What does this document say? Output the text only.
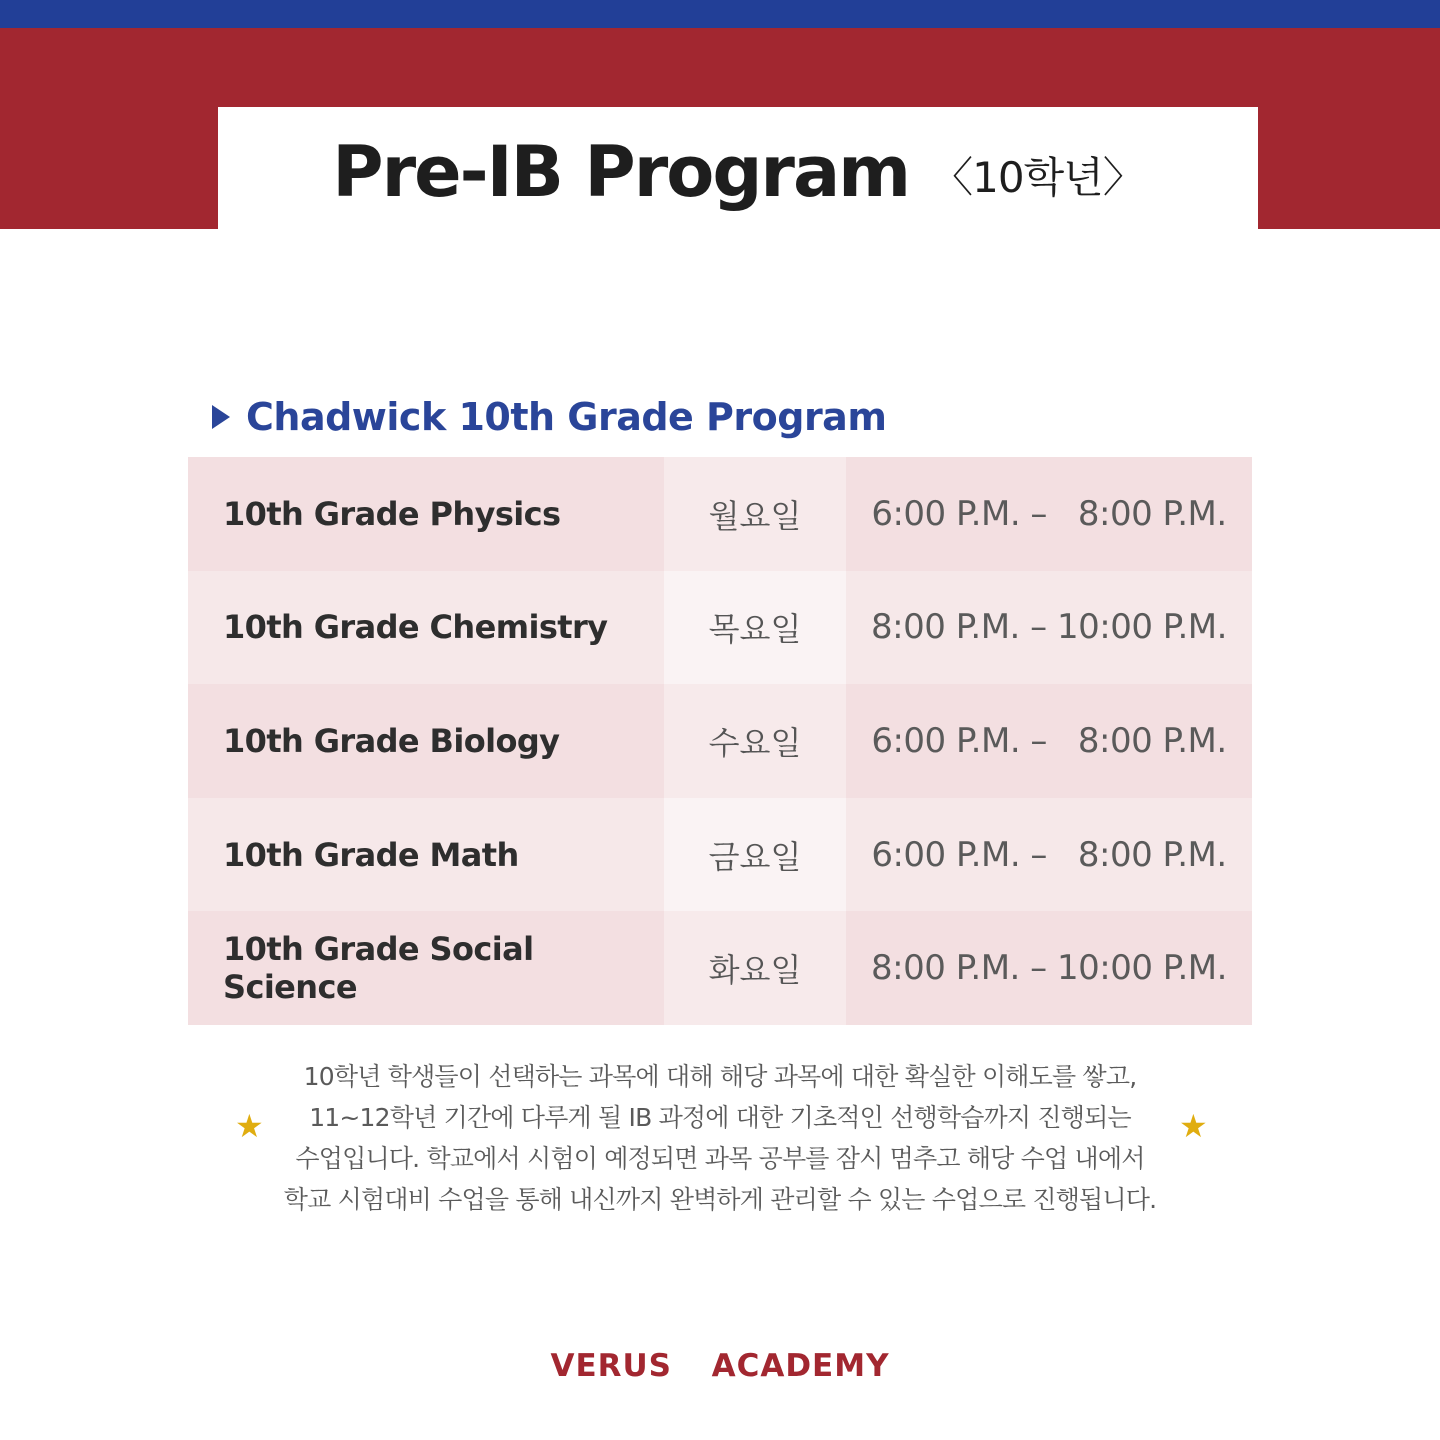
Pre-IB Program 〈10학년〉
Chadwick 10th Grade Program
10th Grade Physics	월요일	6:00 P.M. –   8:00 P.M.
10th Grade Chemistry	목요일	8:00 P.M. – 10:00 P.M.
10th Grade Biology	수요일	6:00 P.M. –   8:00 P.M.
10th Grade Math	금요일	6:00 P.M. –   8:00 P.M.
10th Grade Social Science	화요일	8:00 P.M. – 10:00 P.M.
★	★

10학년 학생들이 선택하는 과목에 대해 해당 과목에 대한 확실한 이해도를 쌓고,

11~12학년 기간에 다루게 될 IB 과정에 대한 기초적인 선행학습까지 진행되는

수업입니다. 학교에서 시험이 예정되면 과목 공부를 잠시 멈추고 해당 수업 내에서

학교 시험대비 수업을 통해 내신까지 완벽하게 관리할 수 있는 수업으로 진행됩니다.

VERUS  ACADEMY
